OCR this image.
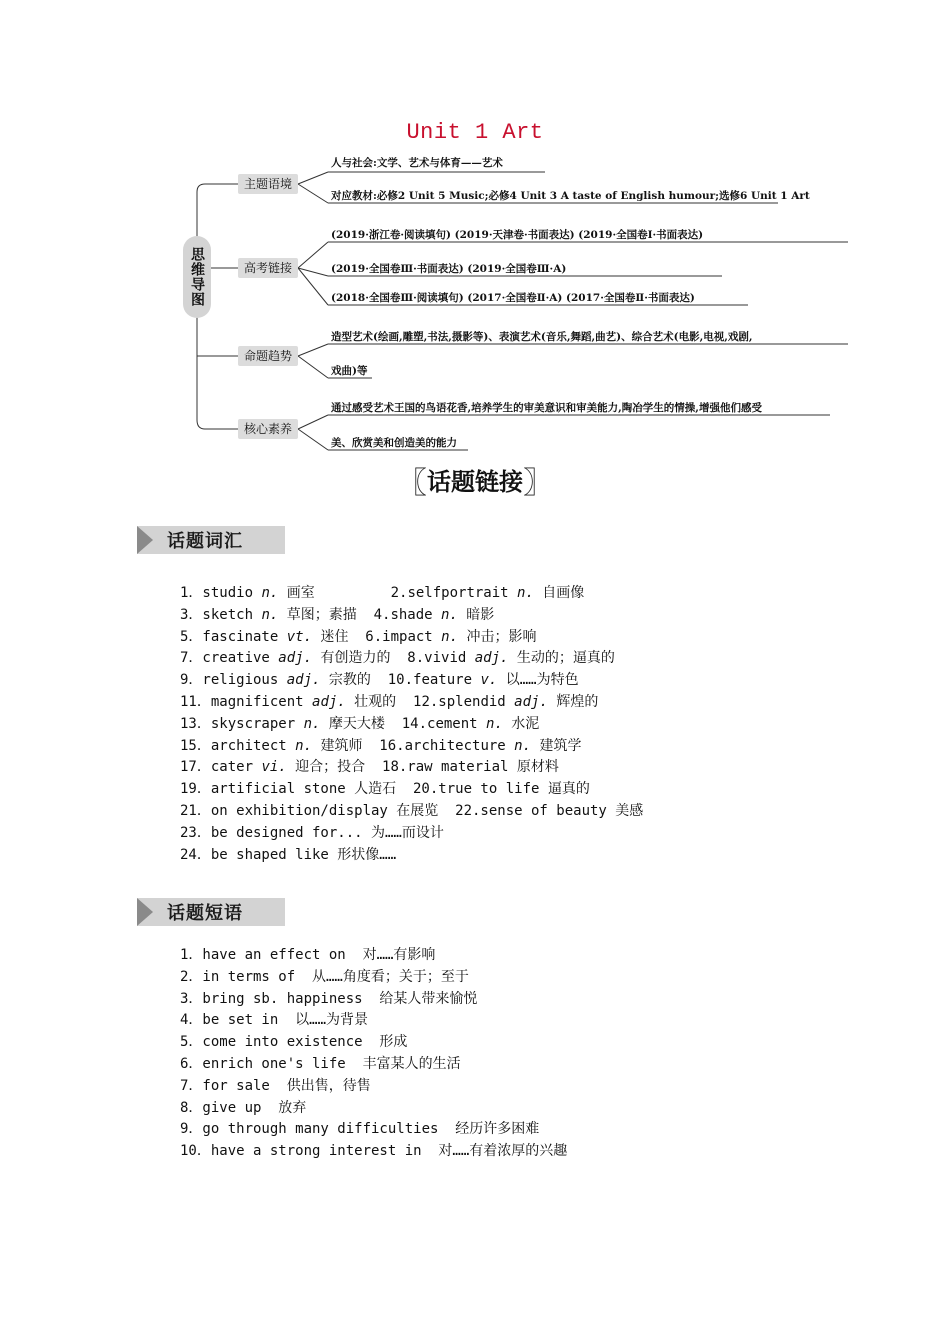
Unit 1 Art
思维导图
主题语境
高考链接
命题趋势
核心素养
人与社会:文学、艺术与体育——艺术
对应教材:必修2 Unit 5 Music;必修4 Unit 3 A taste of English humour;选修6 Unit 1 Art
(2019·浙江卷·阅读填句) (2019·天津卷·书面表达) (2019·全国卷Ⅰ·书面表达)
(2019·全国卷Ⅲ·书面表达) (2019·全国卷Ⅲ·A)
(2018·全国卷Ⅲ·阅读填句) (2017·全国卷Ⅱ·A) (2017·全国卷Ⅱ·书面表达)
造型艺术(绘画,雕塑,书法,摄影等)、表演艺术(音乐,舞蹈,曲艺)、综合艺术(电影,电视,戏剧,
戏曲)等
通过感受艺术王国的鸟语花香,培养学生的审美意识和审美能力,陶冶学生的情操,增强他们感受
美、欣赏美和创造美的能力
〖话题链接〗
话题词汇
1．studio n. 画室         2.selfportrait n. 自画像
3．sketch n. 草图；素描  4.shade n. 暗影
5．fascinate vt. 迷住  6.impact n. 冲击；影响
7．creative adj. 有创造力的  8.vivid adj. 生动的；逼真的
9．religious adj. 宗教的  10.feature v. 以……为特色
11．magnificent adj. 壮观的  12.splendid adj. 辉煌的
13．skyscraper n. 摩天大楼  14.cement n. 水泥
15．architect n. 建筑师  16.architecture n. 建筑学
17．cater vi. 迎合；投合  18.raw material 原材料
19．artificial stone 人造石  20.true to life 逼真的
21．on exhibition/display 在展览  22.sense of beauty 美感
23．be designed for... 为……而设计
24．be shaped like 形状像……
话题短语
1．have an effect on  对……有影响
2．in terms of  从……角度看；关于；至于
3．bring sb. happiness  给某人带来愉悦
4．be set in  以……为背景
5．come into existence  形成
6．enrich one's life  丰富某人的生活
7．for sale  供出售，待售
8．give up  放弃
9．go through many difficulties  经历许多困难
10．have a strong interest in  对……有着浓厚的兴趣
